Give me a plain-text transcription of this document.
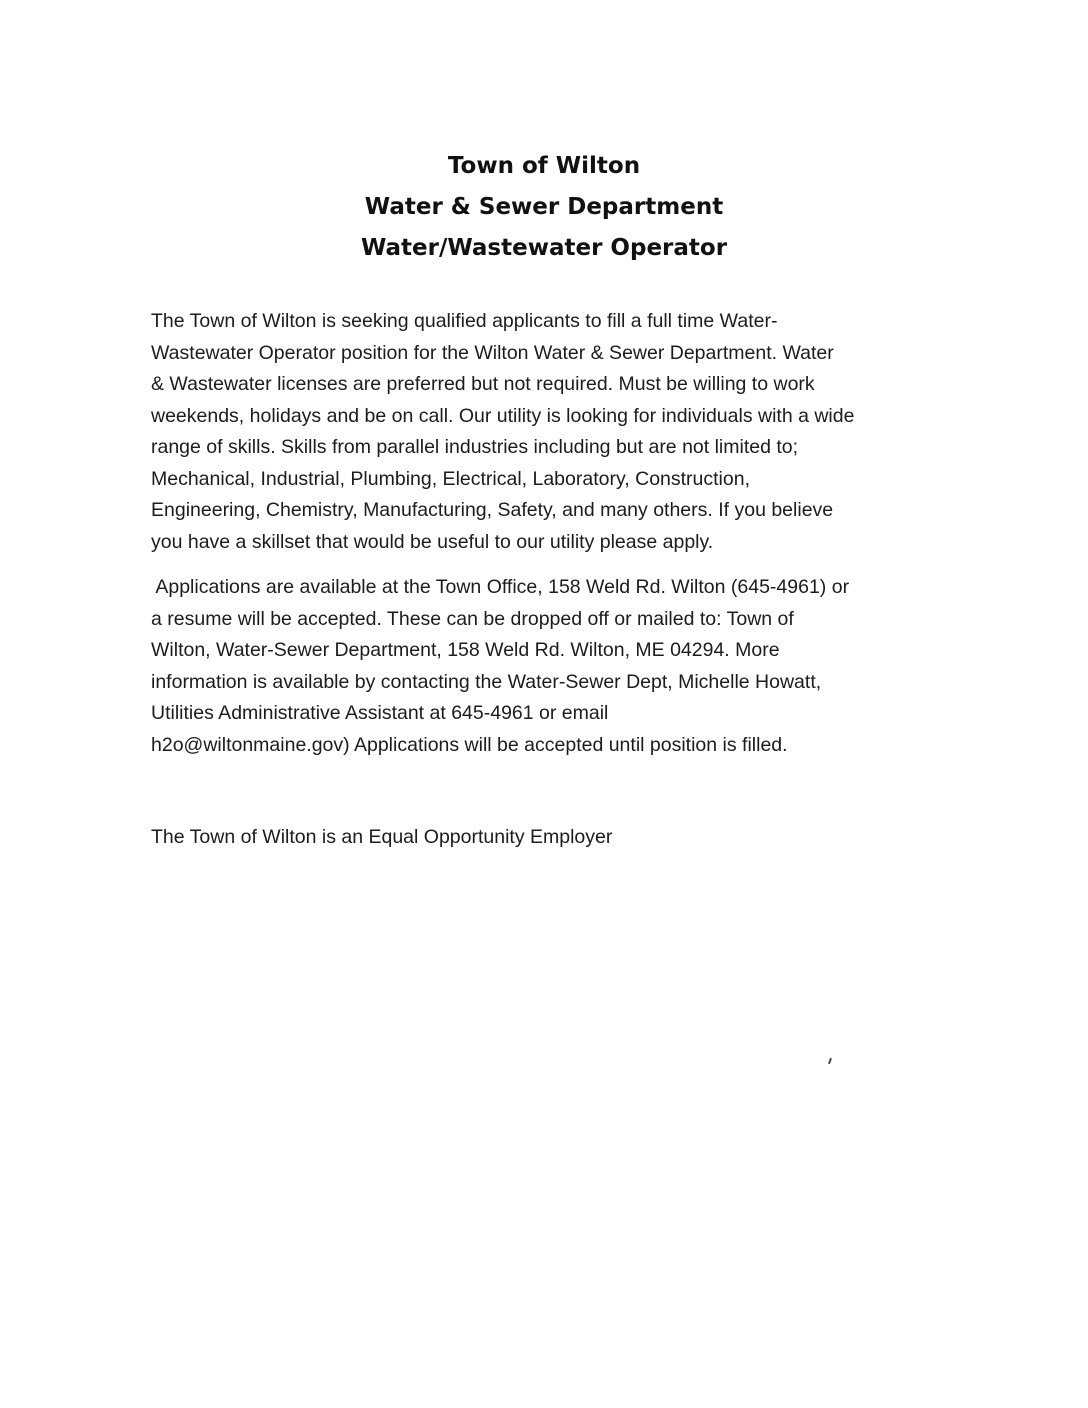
Town of Wilton
Water & Sewer Department
Water/Wastewater Operator
The Town of Wilton is seeking qualified applicants to fill a full time Water-
Wastewater Operator position for the Wilton Water & Sewer Department. Water
& Wastewater licenses are preferred but not required. Must be willing to work
weekends, holidays and be on call. Our utility is looking for individuals with a wide
range of skills. Skills from parallel industries including but are not limited to;
Mechanical, Industrial, Plumbing, Electrical, Laboratory, Construction,
Engineering, Chemistry, Manufacturing, Safety, and many others. If you believe
you have a skillset that would be useful to our utility please apply.
Applications are available at the Town Office, 158 Weld Rd. Wilton (645-4961) or
a resume will be accepted. These can be dropped off or mailed to: Town of
Wilton, Water-Sewer Department, 158 Weld Rd. Wilton, ME 04294. More
information is available by contacting the Water-Sewer Dept, Michelle Howatt,
Utilities Administrative Assistant at 645-4961 or email
h2o@wiltonmaine.gov) Applications will be accepted until position is filled.
The Town of Wilton is an Equal Opportunity Employer
